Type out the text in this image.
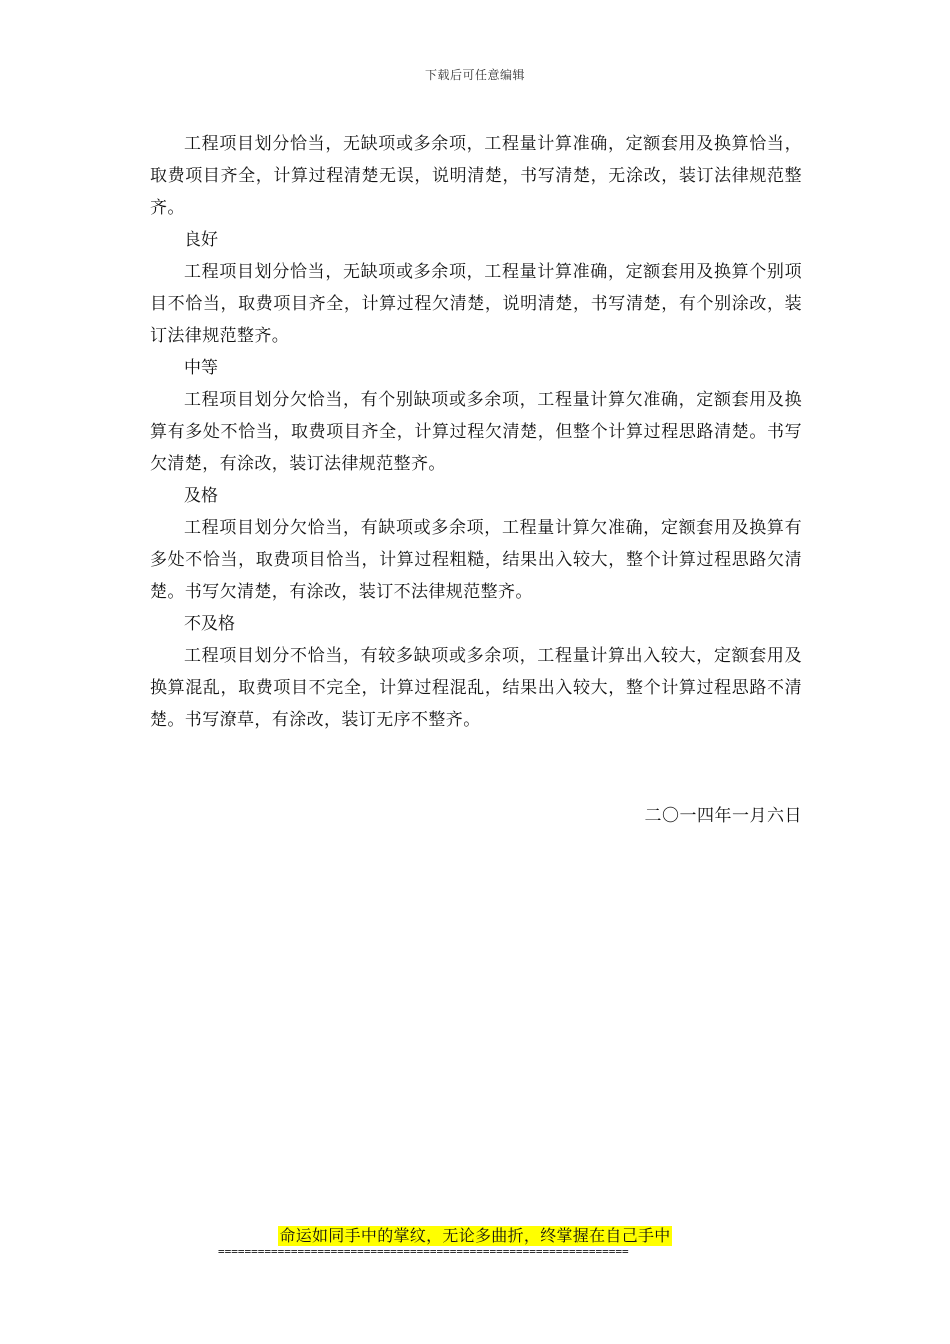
下载后可任意编辑

工程项目划分恰当，无缺项或多余项，工程量计算准确，定额套用及换算恰当，取费项目齐全，计算过程清楚无误，说明清楚，书写清楚，无涂改，装订法律规范整齐。

良好

工程项目划分恰当，无缺项或多余项，工程量计算准确，定额套用及换算个别项目不恰当，取费项目齐全，计算过程欠清楚，说明清楚，书写清楚，有个别涂改，装订法律规范整齐。

中等

工程项目划分欠恰当，有个别缺项或多余项，工程量计算欠准确，定额套用及换算有多处不恰当，取费项目齐全，计算过程欠清楚，但整个计算过程思路清楚。书写欠清楚，有涂改，装订法律规范整齐。

及格

工程项目划分欠恰当，有缺项或多余项，工程量计算欠准确，定额套用及换算有多处不恰当，取费项目恰当，计算过程粗糙，结果出入较大，整个计算过程思路欠清楚。书写欠清楚，有涂改，装订不法律规范整齐。

不及格

工程项目划分不恰当，有较多缺项或多余项，工程量计算出入较大，定额套用及换算混乱，取费项目不完全，计算过程混乱，结果出入较大，整个计算过程思路不清楚。书写潦草，有涂改，装订无序不整齐。

二〇一四年一月六日
命运如同手中的掌纹，无论多曲折，终掌握在自己手中
==============================================================
